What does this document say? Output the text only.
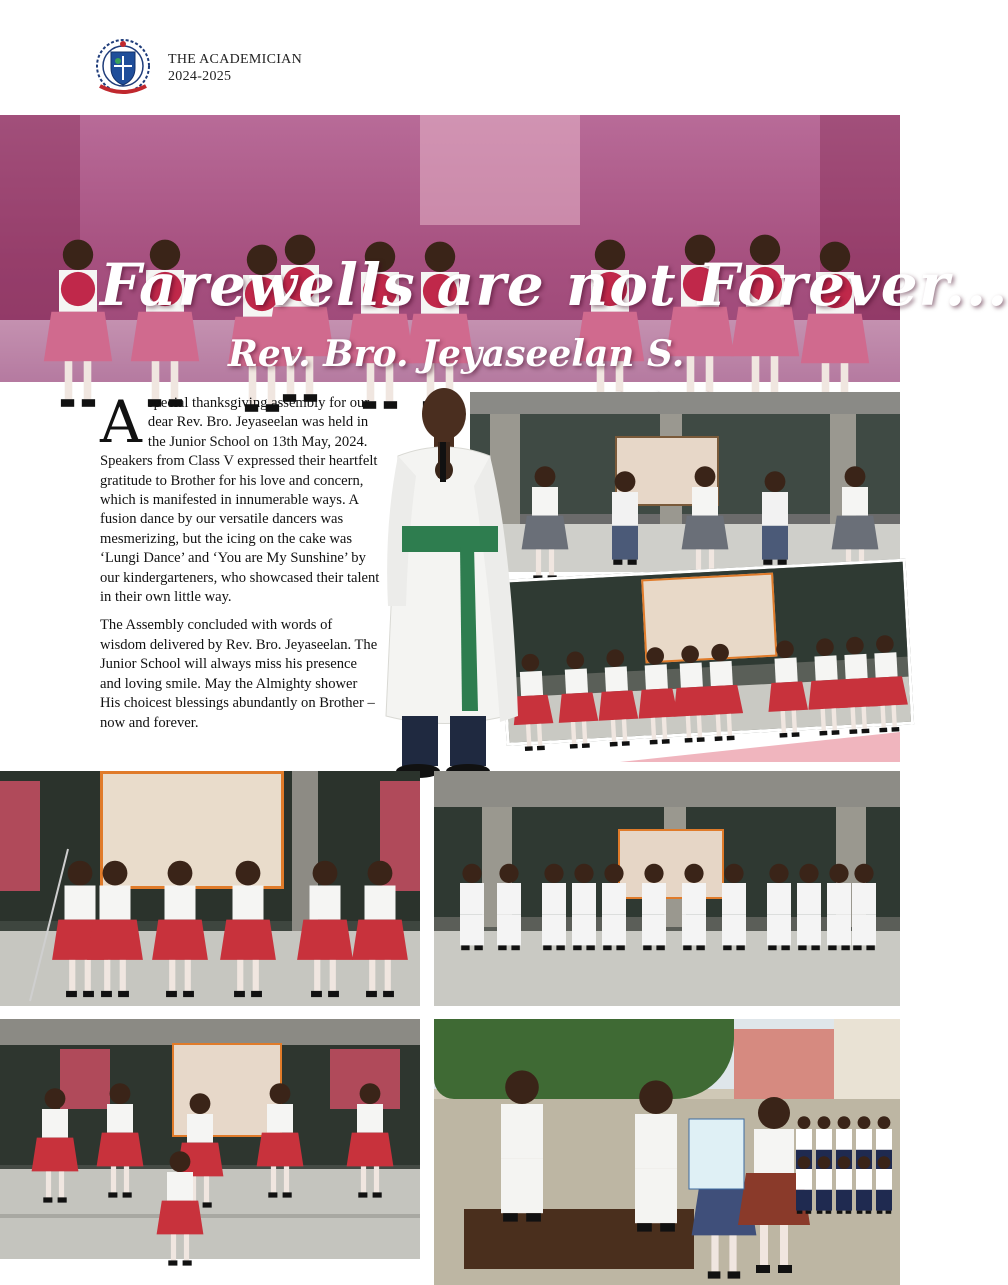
THE ACADEMICIAN
2024-2025
Farewells are not Forever...
Rev. Bro. Jeyaseelan S.

Aspecial thanksgiving assembly for our dear Rev. Bro. Jeyaseelan was held in the Junior School on 13th May, 2024. Speakers from Class V expressed their heartfelt gratitude to Brother for his love and concern, which is manifested in innumerable ways. A fusion dance by our versatile dancers was mesmerizing, but the icing on the cake was ‘Lungi Dance’ and ‘You are My Sunshine’ by our kindergarteners, who showcased their talent in their own little way.

The Assembly concluded with words of wisdom delivered by Rev. Bro. Jeyaseelan. The Junior School will always miss his presence and loving smile. May the Almighty shower His choicest blessings abundantly on Brother – now and forever.
